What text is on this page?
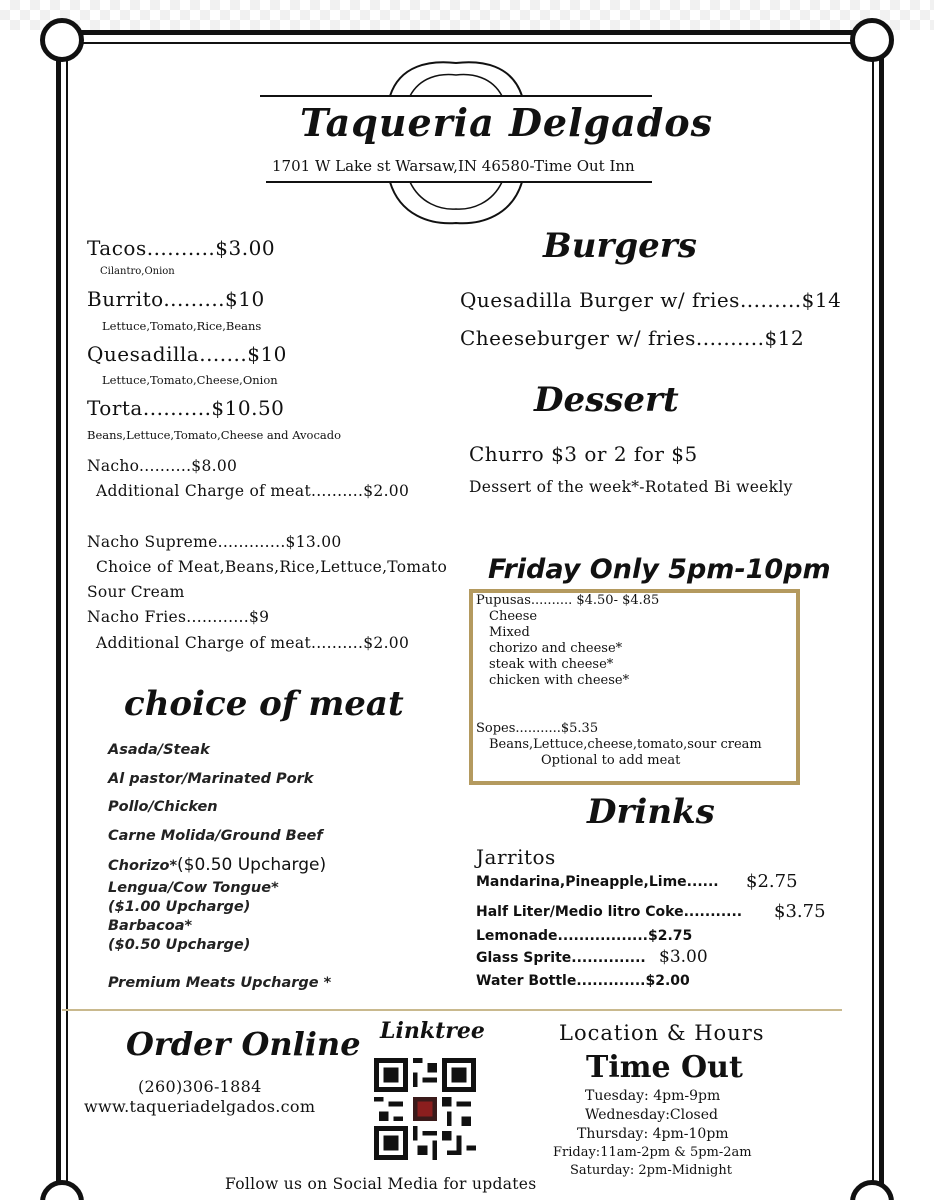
Taqueria Delgados
1701 W Lake st Warsaw,IN 46580-Time Out Inn
Tacos..........$3.00
Cilantro,Onion
Burrito.........$10
Lettuce,Tomato,Rice,Beans
Quesadilla.......$10
Lettuce,Tomato,Cheese,Onion
Torta..........$10.50
Beans,Lettuce,Tomato,Cheese and Avocado
Nacho..........$8.00
Additional Charge of meat..........$2.00
Nacho Supreme.............$13.00
Choice of Meat,Beans,Rice,Lettuce,Tomato
Sour Cream
Nacho Fries............$9
Additional Charge of meat..........$2.00
choice of meat
Asada/Steak
Al pastor/Marinated Pork
Pollo/Chicken
Carne Molida/Ground Beef
Chorizo*($0.50 Upcharge)
Lengua/Cow Tongue*
($1.00 Upcharge)
Barbacoa*
($0.50 Upcharge)
Premium Meats Upcharge *
Burgers
Quesadilla Burger w/ fries.........$14
Cheeseburger w/ fries..........$12
Dessert
Churro $3 or 2 for $5
Dessert of the week*-Rotated Bi weekly
Friday Only 5pm-10pm
Pupusas.......... $4.50- $4.85
Cheese
Mixed
chorizo and cheese*
steak with cheese*
chicken with cheese*
Sopes...........$5.35
Beans,Lettuce,cheese,tomato,sour cream
Optional to add meat
Drinks
Jarritos
Mandarina,Pineapple,Lime...... $2.75
Half Liter/Medio litro Coke........... $3.75
Lemonade.................$2.75
Glass Sprite.............. $3.00
Water Bottle.............$2.00
Order Online
(260)306-1884
www.taqueriadelgados.com
Linktree	Location & Hours
Time Out
Tuesday: 4pm-9pm
Wednesday:Closed
Thursday: 4pm-10pm
Friday:11am-2pm & 5pm-2am
Saturday: 2pm-Midnight
Follow us on Social Media for updates
